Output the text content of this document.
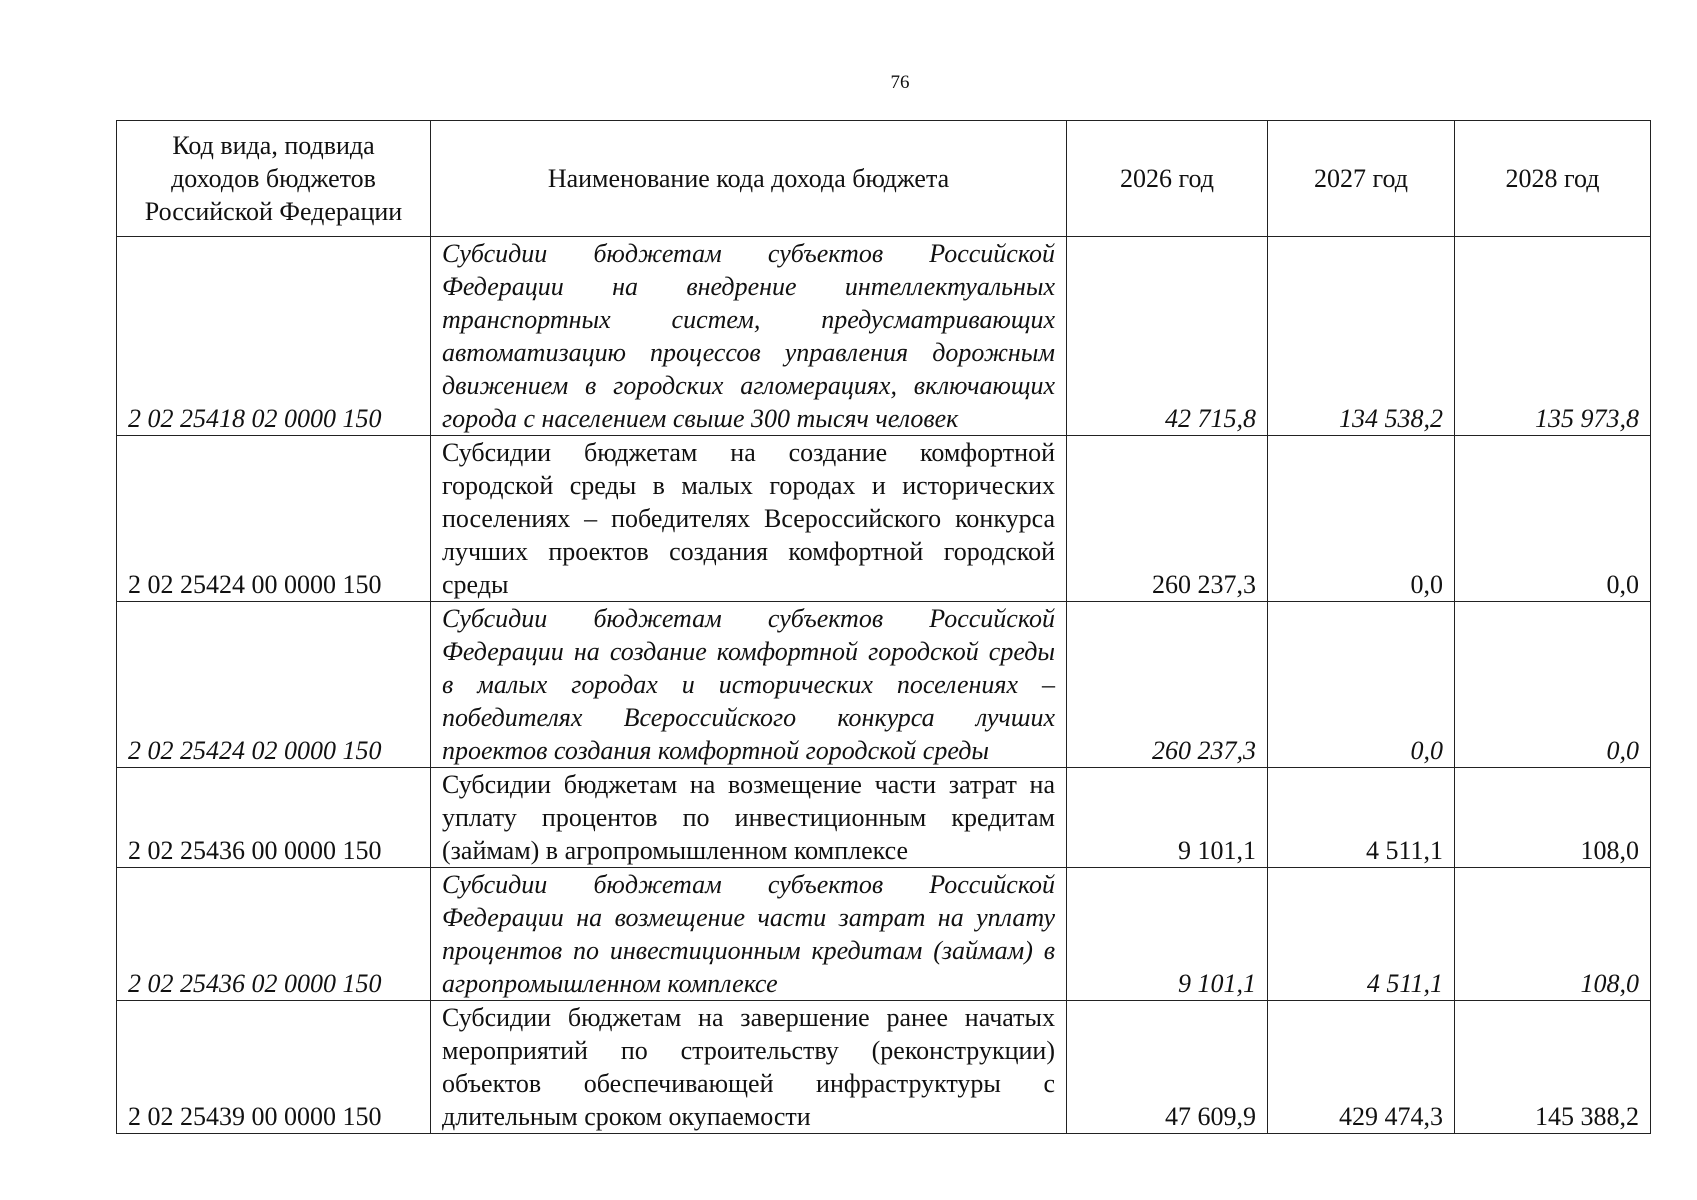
76
Код вида, подвида доходов бюджетов Российской Федерации	Наименование кода дохода бюджета	2026 год	2027 год	2028 год
2 02 25418 02 0000 150	Субсидии бюджетам субъектов Российской Федерации на внедрение интеллектуальных транспортных систем, предусматривающих автоматизацию процессов управления дорожным движением в городских агломерациях, включающих города с населением свыше 300 тысяч человек	42 715,8	134 538,2	135 973,8
2 02 25424 00 0000 150	Субсидии бюджетам на создание комфортной городской среды в малых городах и исторических поселениях – победителях Всероссийского конкурса лучших проектов создания комфортной городской среды	260 237,3	0,0	0,0
2 02 25424 02 0000 150	Субсидии бюджетам субъектов Российской Федерации на создание комфортной городской среды в малых городах и исторических поселениях – победителях Всероссийского конкурса лучших проектов создания комфортной городской среды	260 237,3	0,0	0,0
2 02 25436 00 0000 150	Субсидии бюджетам на возмещение части затрат на уплату процентов по инвестиционным кредитам (займам) в агропромышленном комплексе	9 101,1	4 511,1	108,0
2 02 25436 02 0000 150	Субсидии бюджетам субъектов Российской Федерации на возмещение части затрат на уплату процентов по инвестиционным кредитам (займам) в агропромышленном комплексе	9 101,1	4 511,1	108,0
2 02 25439 00 0000 150	Субсидии бюджетам на завершение ранее начатых мероприятий по строительству (реконструкции) объектов обеспечивающей инфраструктуры с длительным сроком окупаемости	47 609,9	429 474,3	145 388,2
